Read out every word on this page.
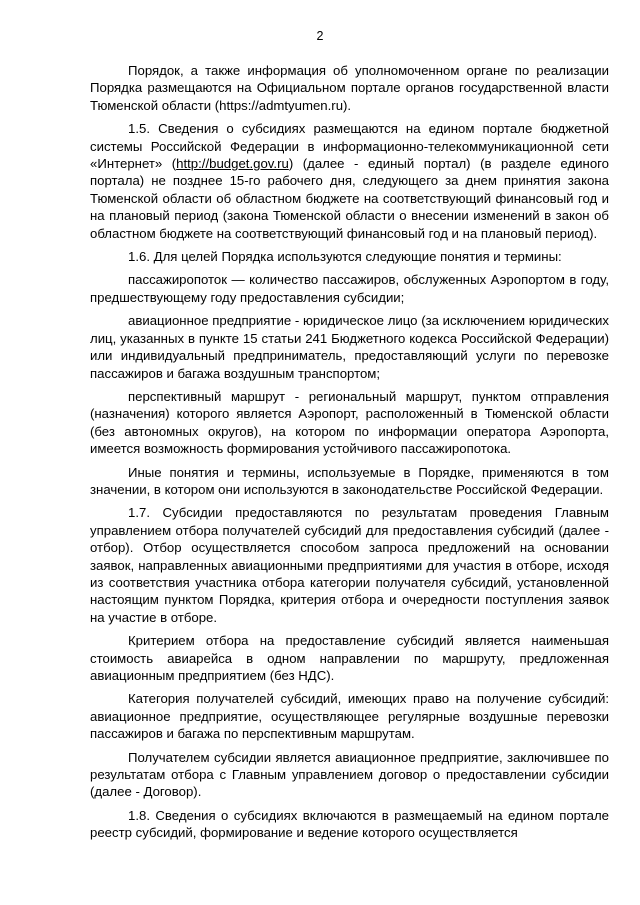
2

Порядок, а также информация об уполномоченном органе по реализации Порядка размещаются на Официальном портале органов государственной власти Тюменской области (https://admtyumen.ru).

1.5. Сведения о субсидиях размещаются на едином портале бюджетной системы Российской Федерации в информационно-телекоммуникационной сети «Интернет» (http://budget.gov.ru) (далее - единый портал) (в разделе единого портала) не позднее 15-го рабочего дня, следующего за днем принятия закона Тюменской области об областном бюджете на соответствующий финансовый год и на плановый период (закона Тюменской области о внесении изменений в закон об областном бюджете на соответствующий финансовый год и на плановый период).

1.6. Для целей Порядка используются следующие понятия и термины:

пассажиропоток — количество пассажиров, обслуженных Аэропортом в году, предшествующему году предоставления субсидии;

авиационное предприятие - юридическое лицо (за исключением юридических лиц, указанных в пункте 15 статьи 241 Бюджетного кодекса Российской Федерации) или индивидуальный предприниматель, предоставляющий услуги по перевозке пассажиров и багажа воздушным транспортом;

перспективный маршрут - региональный маршрут, пунктом отправления (назначения) которого является Аэропорт, расположенный в Тюменской области (без автономных округов), на котором по информации оператора Аэропорта, имеется возможность формирования устойчивого пассажиропотока.

Иные понятия и термины, используемые в Порядке, применяются в том значении, в котором они используются в законодательстве Российской Федерации.

1.7. Субсидии предоставляются по результатам проведения Главным управлением отбора получателей субсидий для предоставления субсидий (далее - отбор). Отбор осуществляется способом запроса предложений на основании заявок, направленных авиационными предприятиями для участия в отборе, исходя из соответствия участника отбора категории получателя субсидий, установленной настоящим пунктом Порядка, критерия отбора и очередности поступления заявок на участие в отборе.

Критерием отбора на предоставление субсидий является наименьшая стоимость авиарейса в одном направлении по маршруту, предложенная авиационным предприятием (без НДС).

Категория получателей субсидий, имеющих право на получение субсидий: авиационное предприятие, осуществляющее регулярные воздушные перевозки пассажиров и багажа по перспективным маршрутам.

Получателем субсидии является авиационное предприятие, заключившее по результатам отбора с Главным управлением договор о предоставлении субсидии (далее - Договор).

1.8. Сведения о субсидиях включаются в размещаемый на едином портале реестр субсидий, формирование и ведение которого осуществляется
